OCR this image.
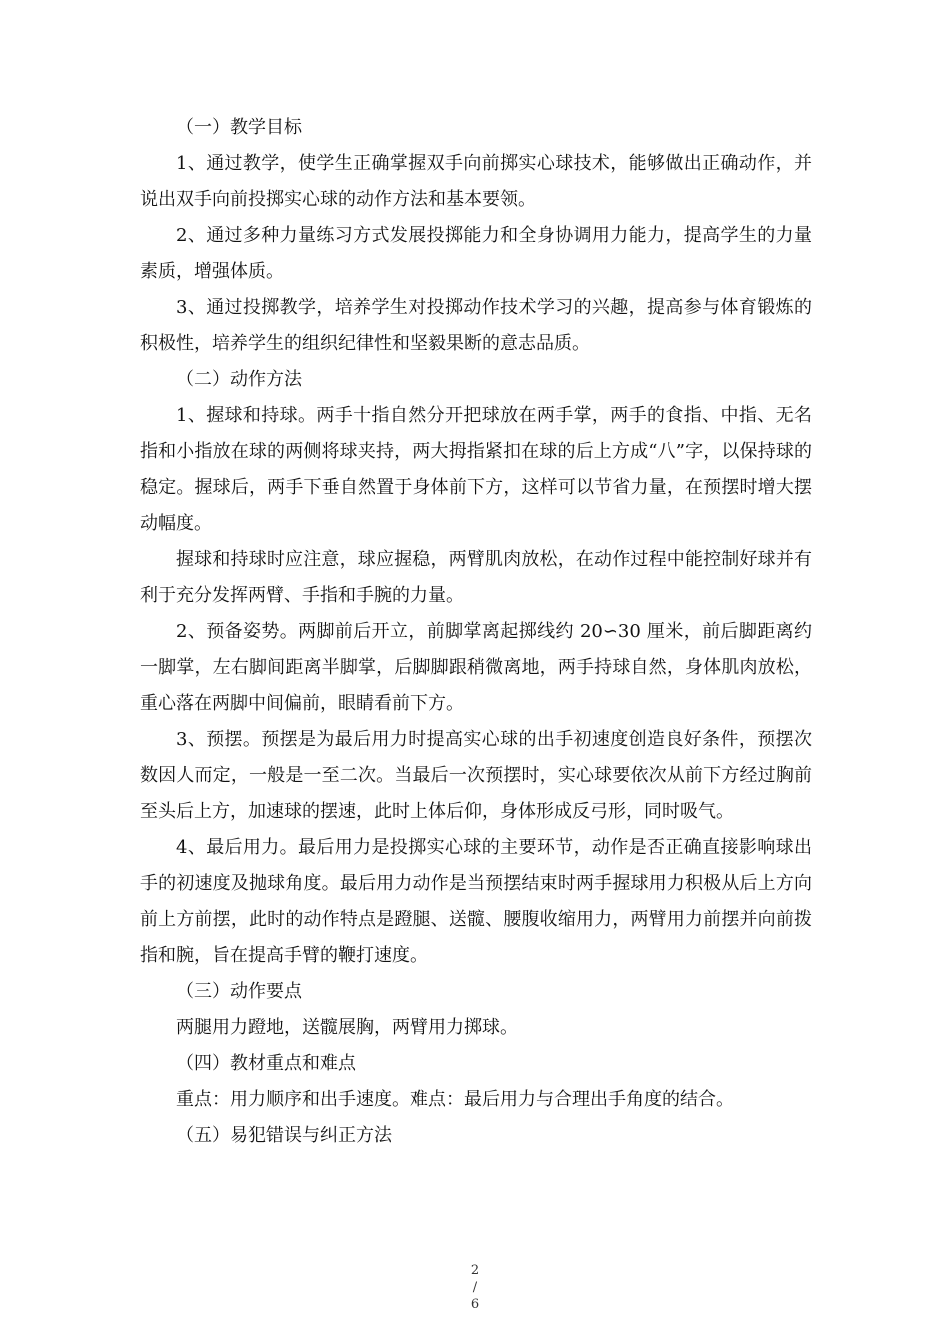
（一）教学目标

1、通过教学，使学生正确掌握双手向前掷实心球技术，能够做出正确动作，并说出双手向前投掷实心球的动作方法和基本要领。

2、通过多种力量练习方式发展投掷能力和全身协调用力能力，提高学生的力量素质，增强体质。

3、通过投掷教学，培养学生对投掷动作技术学习的兴趣，提高参与体育锻炼的积极性，培养学生的组织纪律性和坚毅果断的意志品质。

（二）动作方法

1、握球和持球。两手十指自然分开把球放在两手掌，两手的食指、中指、无名指和小指放在球的两侧将球夹持，两大拇指紧扣在球的后上方成“八”字，以保持球的稳定。握球后，两手下垂自然置于身体前下方，这样可以节省力量，在预摆时增大摆动幅度。

握球和持球时应注意，球应握稳，两臂肌肉放松，在动作过程中能控制好球并有利于充分发挥两臂、手指和手腕的力量。

2、预备姿势。两脚前后开立，前脚掌离起掷线约 20∽30 厘米，前后脚距离约一脚掌，左右脚间距离半脚掌，后脚脚跟稍微离地，两手持球自然，身体肌肉放松，重心落在两脚中间偏前，眼睛看前下方。

3、预摆。预摆是为最后用力时提高实心球的出手初速度创造良好条件，预摆次数因人而定，一般是一至二次。当最后一次预摆时，实心球要依次从前下方经过胸前至头后上方，加速球的摆速，此时上体后仰，身体形成反弓形，同时吸气。

4、最后用力。最后用力是投掷实心球的主要环节，动作是否正确直接影响球出手的初速度及抛球角度。最后用力动作是当预摆结束时两手握球用力积极从后上方向前上方前摆，此时的动作特点是蹬腿、送髋、腰腹收缩用力，两臂用力前摆并向前拨指和腕，旨在提高手臂的鞭打速度。

（三）动作要点

两腿用力蹬地，送髋展胸，两臂用力掷球。

（四）教材重点和难点

重点：用力顺序和出手速度。难点：最后用力与合理出手角度的结合。

（五）易犯错误与纠正方法

2
/
6
